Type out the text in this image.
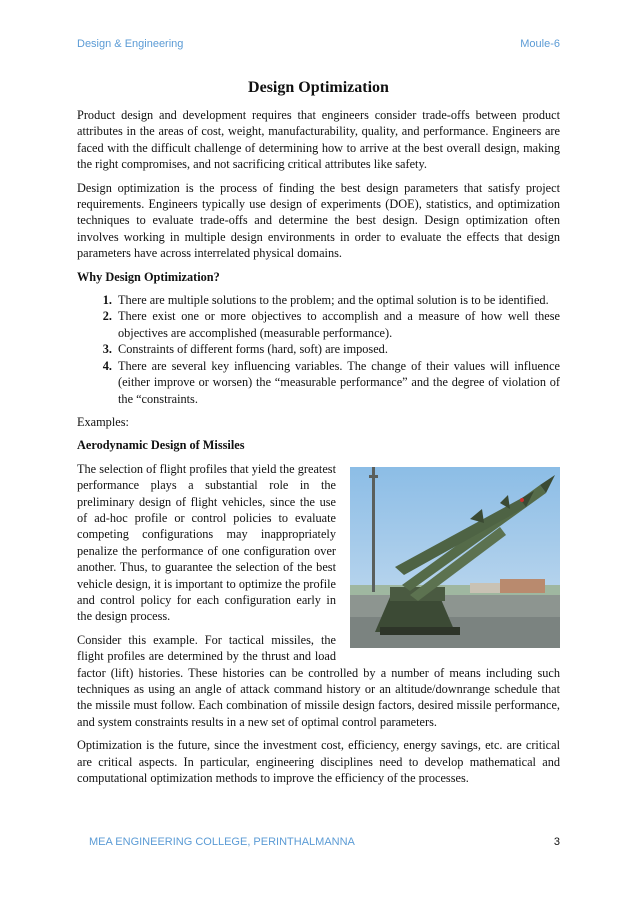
Design & Engineering	Moule-6
Design Optimization

Product design and development requires that engineers consider trade-offs between product attributes in the areas of cost, weight, manufacturability, quality, and performance. Engineers are faced with the difficult challenge of determining how to arrive at the best overall design, making the right compromises, and not sacrificing critical attributes like safety.

Design optimization is the process of finding the best design parameters that satisfy project requirements. Engineers typically use design of experiments (DOE), statistics, and optimization techniques to evaluate trade-offs and determine the best design. Design optimization often involves working in multiple design environments in order to evaluate the effects that design parameters have across interrelated physical domains.

Why Design Optimization?

1. There are multiple solutions to the problem; and the optimal solution is to be identified.
2. There exist one or more objectives to accomplish and a measure of how well these objectives are accomplished (measurable performance).
3. Constraints of different forms (hard, soft) are imposed.
4. There are several key influencing variables. The change of their values will influence (either improve or worsen) the “measurable performance” and the degree of violation of the “constraints.

Examples:

Aerodynamic Design of Missiles

The selection of flight profiles that yield the greatest performance plays a substantial role in the preliminary design of flight vehicles, since the use of ad-hoc profile or control policies to evaluate competing configurations may inappropriately penalize the performance of one configuration over another. Thus, to guarantee the selection of the best vehicle design, it is important to optimize the profile and control policy for each configuration early in the design process.

Consider this example. For tactical missiles, the flight profiles are determined by the thrust and load factor (lift) histories. These histories can be controlled by a number of means including such techniques as using an angle of attack command history or an altitude/downrange schedule that the missile must follow. Each combination of missile design factors, desired missile performance, and system constraints results in a new set of optimal control parameters.

Optimization is the future, since the investment cost, efficiency, energy savings, etc. are critical are critical aspects. In particular, engineering disciplines need to develop mathematical and computational optimization methods to improve the efficiency of the processes.

MEA ENGINEERING COLLEGE, PERINTHALMANNA	3
